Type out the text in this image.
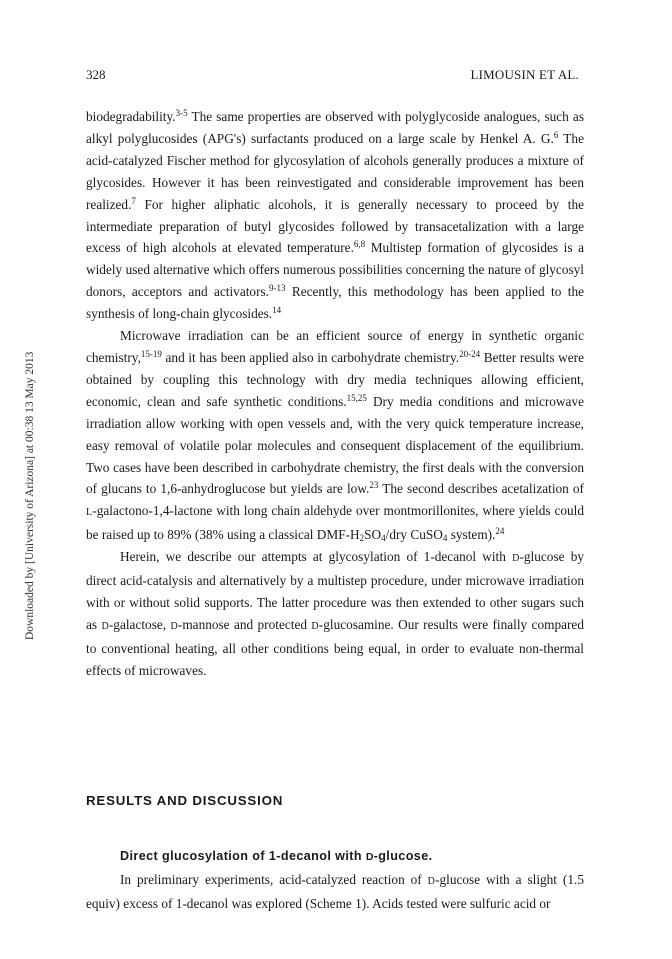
328	LIMOUSIN ET AL.
Downloaded by [University of Arizona] at 00:38 13 May 2013

biodegradability.$^{3-5}$ The same properties are observed with polyglycoside analogues, such as alkyl polyglucosides (APG's) surfactants produced on a large scale by Henkel A. G.$^6$ The acid-catalyzed Fischer method for glycosylation of alcohols generally produces a mixture of glycosides. However it has been reinvestigated and considerable improvement has been realized.$^7$ For higher aliphatic alcohols, it is generally necessary to proceed by the intermediate preparation of butyl glycosides followed by transacetalization with a large excess of high alcohols at elevated temperature.$^{6,8}$ Multistep formation of glycosides is a widely used alternative which offers numerous possibilities concerning the nature of glycosyl donors, acceptors and activators.$^{9-13}$ Recently, this methodology has been applied to the synthesis of long-chain glycosides.$^{14}$

Microwave irradiation can be an efficient source of energy in synthetic organic chemistry,$^{15-19}$ and it has been applied also in carbohydrate chemistry.$^{20-24}$ Better results were obtained by coupling this technology with dry media techniques allowing efficient, economic, clean and safe synthetic conditions.$^{15,25}$ Dry media conditions and microwave irradiation allow working with open vessels and, with the very quick temperature increase, easy removal of volatile polar molecules and consequent displacement of the equilibrium. Two cases have been described in carbohydrate chemistry, the first deals with the conversion of glucans to 1,6-anhydroglucose but yields are low.$^{23}$ The second describes acetalization of L-galactono-1,4-lactone with long chain aldehyde over montmorillonites, where yields could be raised up to 89% (38% using a classical DMF-$H_2SO_4$/dry CuSO$_4$ system).$^{24}$

Herein, we describe our attempts at glycosylation of 1-decanol with D-glucose by direct acid-catalysis and alternatively by a multistep procedure, under microwave irradiation with or without solid supports. The latter procedure was then extended to other sugars such as D-galactose, D-mannose and protected D-glucosamine. Our results were finally compared to conventional heating, all other conditions being equal, in order to evaluate non-thermal effects of microwaves.

RESULTS AND DISCUSSION
Direct glucosylation of 1-decanol with D-glucose.

In preliminary experiments, acid-catalyzed reaction of D-glucose with a slight (1.5 equiv) excess of 1-decanol was explored (Scheme 1). Acids tested were sulfuric acid or
